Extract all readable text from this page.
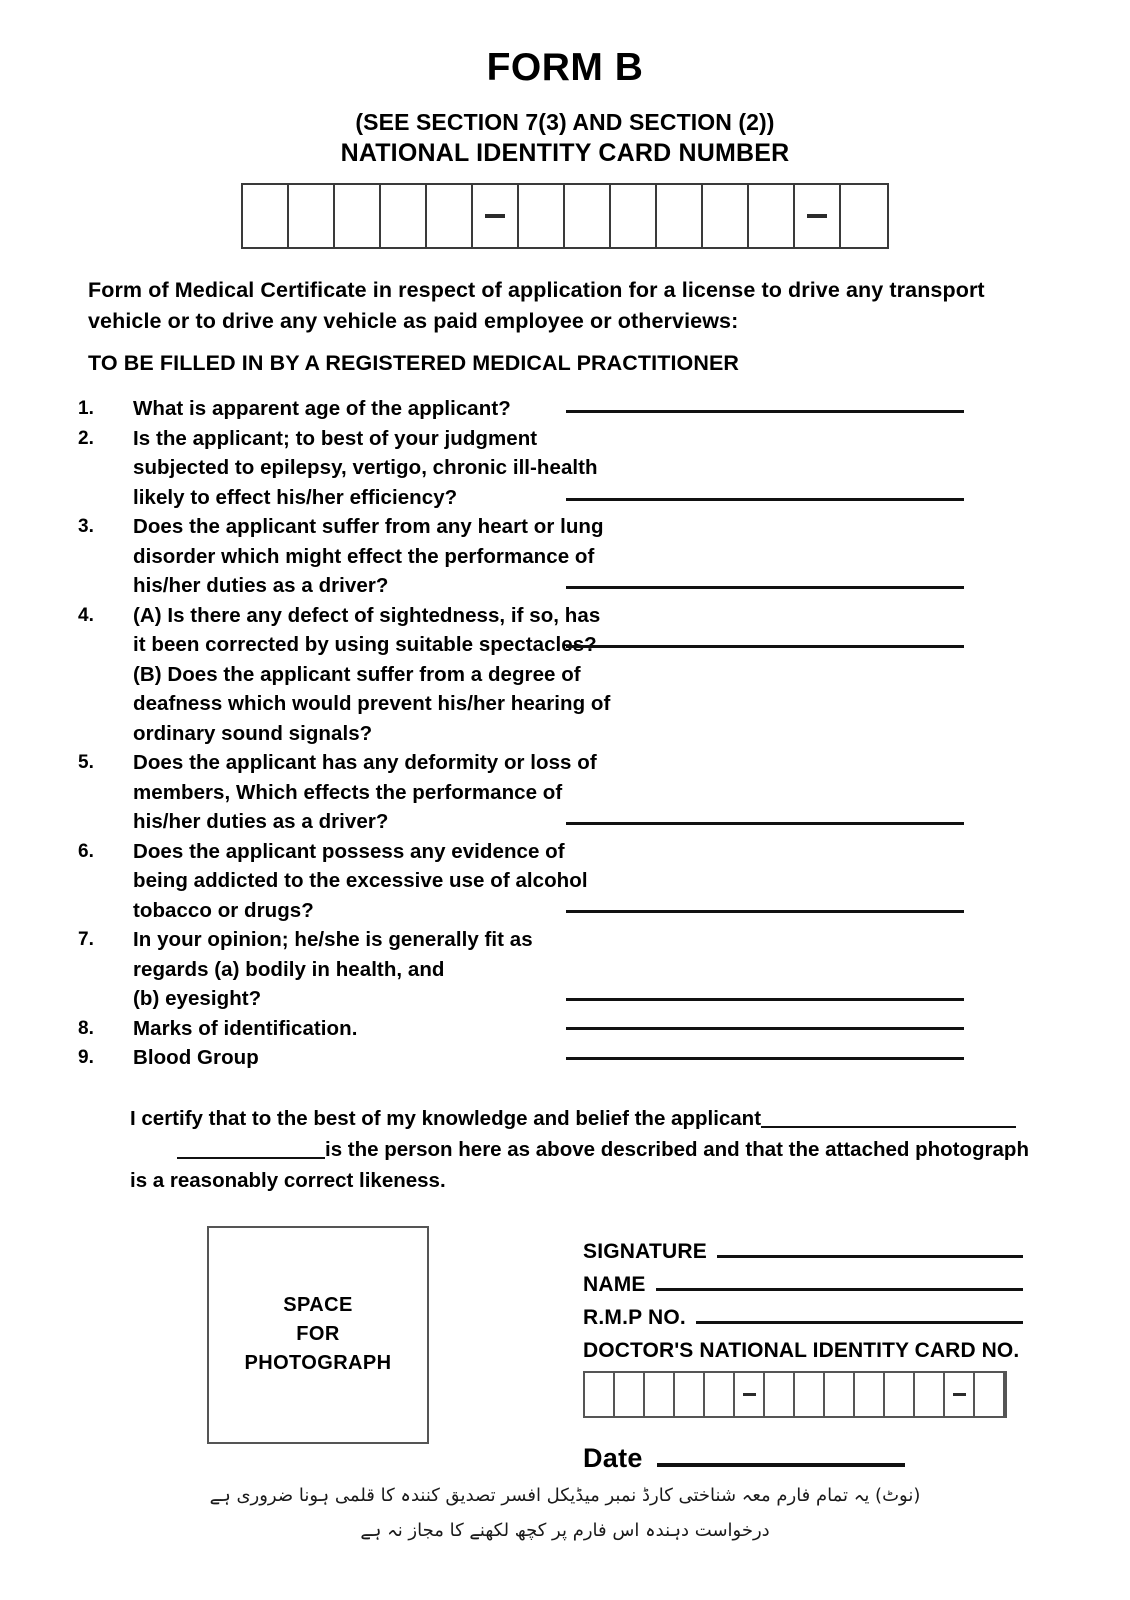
FORM B
(SEE SECTION 7(3) AND SECTION (2))
NATIONAL IDENTITY CARD NUMBER
Form of Medical Certificate in respect of application for a license to drive any transport vehicle or to drive any vehicle as paid employee or otherviews:
TO BE FILLED IN BY A REGISTERED MEDICAL PRACTITIONER
1.	What is apparent age of the applicant?
2.	Is the applicant; to best of your judgment
subjected to epilepsy, vertigo, chronic ill-health
likely to effect his/her efficiency?
3.	Does the applicant suffer from any heart or lung
disorder which might effect the performance of
his/her duties as a driver?
4.	(A) Is there any defect of sightedness, if so, has
it been corrected by using suitable spectacles?
(B) Does the applicant suffer from a degree of
deafness which would prevent his/her hearing of
ordinary sound signals?
5.	Does the applicant has any deformity or loss of
members, Which effects the performance of
his/her duties as a driver?
6.	Does the applicant possess any evidence of
being addicted to the excessive use of alcohol
tobacco or drugs?
7.	In your opinion; he/she is generally fit as
regards (a) bodily in health, and
(b) eyesight?
8.	Marks of identification.
9.	Blood Group
I certify that to the best of my knowledge and belief the applicant
is the person here as above described and that the attached photograph
is a reasonably correct likeness.
SPACE
FOR
PHOTOGRAPH
SIGNATURE
NAME
R.M.P NO.
DOCTOR'S NATIONAL IDENTITY CARD NO.
Date
(نوٹ) یہ تمام فارم معہ شناختی کارڈ نمبر میڈیکل افسر تصدیق کنندہ کا قلمی ہونا ضروری ہے
درخواست دہندہ اس فارم پر کچھ لکھنے کا مجاز نہ ہے
